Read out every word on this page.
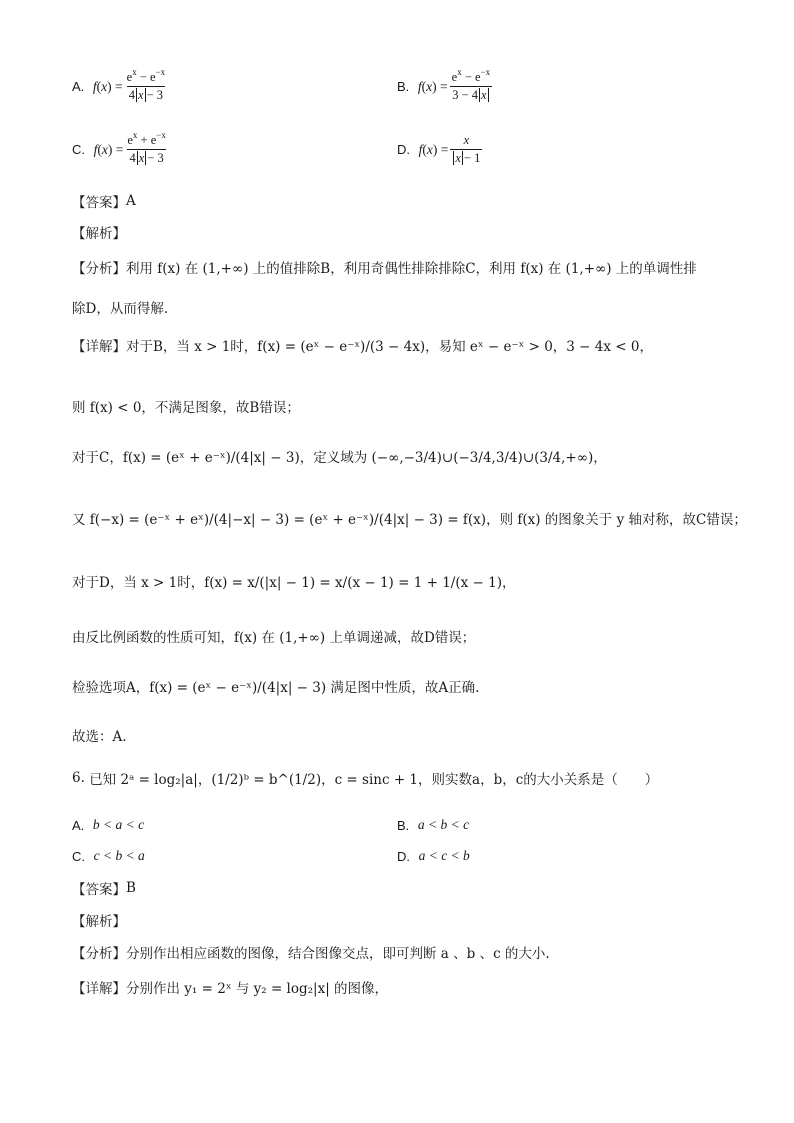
A.
f ( x ) = $\frac{e^x - e^{-x}}{4 x - 3}$	B.
f ( x ) = $\frac{e^x - e^{-x}}{3 - 4 x}$
C.
f ( x ) = $\frac{e^x + e^{-x}}{4 x - 3}$	D.
f ( x ) = $\frac{x}{x - 1}$
【答案】 A
【解析】
【分析】 利用 f(x) 在 (1,+∞) 上的值排除B，利用奇偶性排除排除C，利用 f(x) 在 (1,+∞) 上的单调性排
除D，从而得解.
【详解】 对于B，当 x > 1时，f(x) = (eˣ − e⁻ˣ)/(3 − 4x)，易知 eˣ − e⁻ˣ > 0，3 − 4x < 0，
则 f(x) < 0，不满足图象，故B错误；
对于C，f(x) = (eˣ + e⁻ˣ)/(4|x| − 3)，定义域为 (−∞,−3/4)∪(−3/4,3/4)∪(3/4,+∞)，
又 f(−x) = (e⁻ˣ + eˣ)/(4|−x| − 3) = (eˣ + e⁻ˣ)/(4|x| − 3) = f(x)，则 f(x) 的图象关于 y 轴对称，故C错误；
对于D，当 x > 1时，f(x) = x/(|x| − 1) = x/(x − 1) = 1 + 1/(x − 1)，
由反比例函数的性质可知，f(x) 在 (1,+∞) 上单调递减，故D错误；
检验选项A，f(x) = (eˣ − e⁻ˣ)/(4|x| − 3) 满足图中性质，故A正确.
故选：A.
6.
已知 2ᵃ = log₂|a|，(1/2)ᵇ = b^(1/2)，c = sinc + 1，则实数a，b，c的大小关系是（　　）
A.
b < a < c	B.
a < b < c
C.
c < b < a	D.
a < c < b
【答案】 B
【解析】
【分析】 分别作出相应函数的图像，结合图像交点，即可判断 a 、b 、c 的大小.
【详解】 分别作出 y₁ = 2ˣ 与 y₂ = log₂|x| 的图像，
